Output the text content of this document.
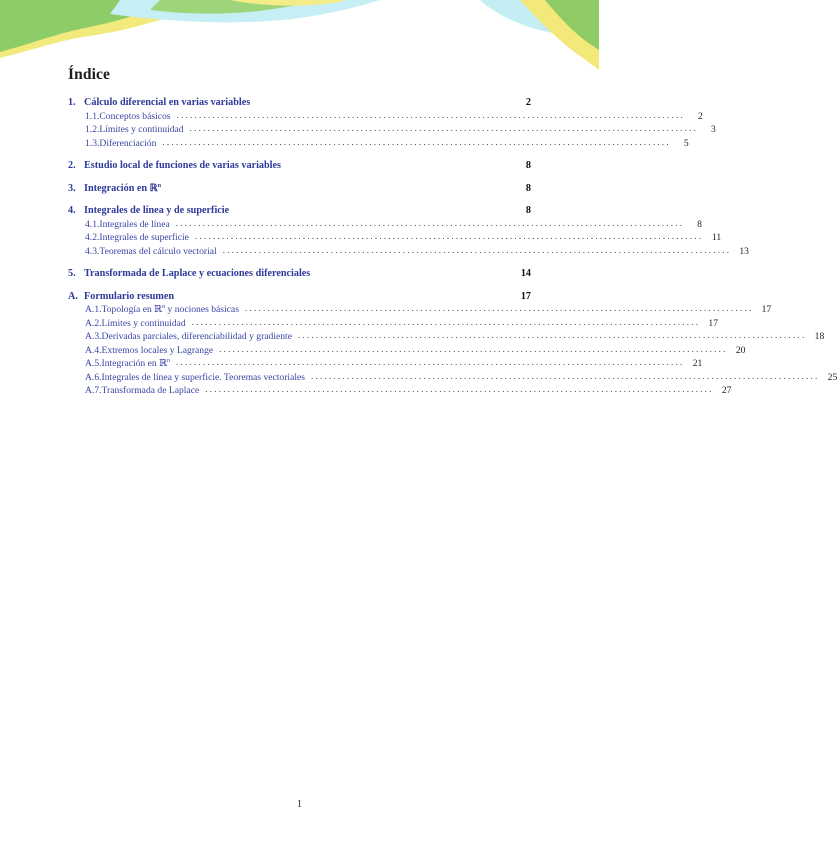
Índice
1. Cálculo diferencial en varias variables	2
1.1. Conceptos básicos . . .	2
1.2. Límites y continuidad . . .	3
1.3. Diferenciación . . .	5
2. Estudio local de funciones de varias variables	8
3. Integración en ℝ$^n$	8
4. Integrales de línea y de superficie	8
4.1. Integrales de línea . . .	8
4.2. Integrales de superficie . . .	11
4.3. Teoremas del cálculo vectorial . . .	13
5. Transformada de Laplace y ecuaciones diferenciales	14
A. Formulario resumen	17
A.1. Topología en ℝ$^n$ y nociones básicas . . .	17
A.2. Límites y continuidad . . .	17
A.3. Derivadas parciales, diferenciabilidad y gradiente . . .	18
A.4. Extremos locales y Lagrange . . .	20
A.5. Integración en ℝ$^n$ . . .	21
A.6. Integrales de línea y superficie. Teoremas vectoriales . . .	25
A.7. Transformada de Laplace . . .	27
1
